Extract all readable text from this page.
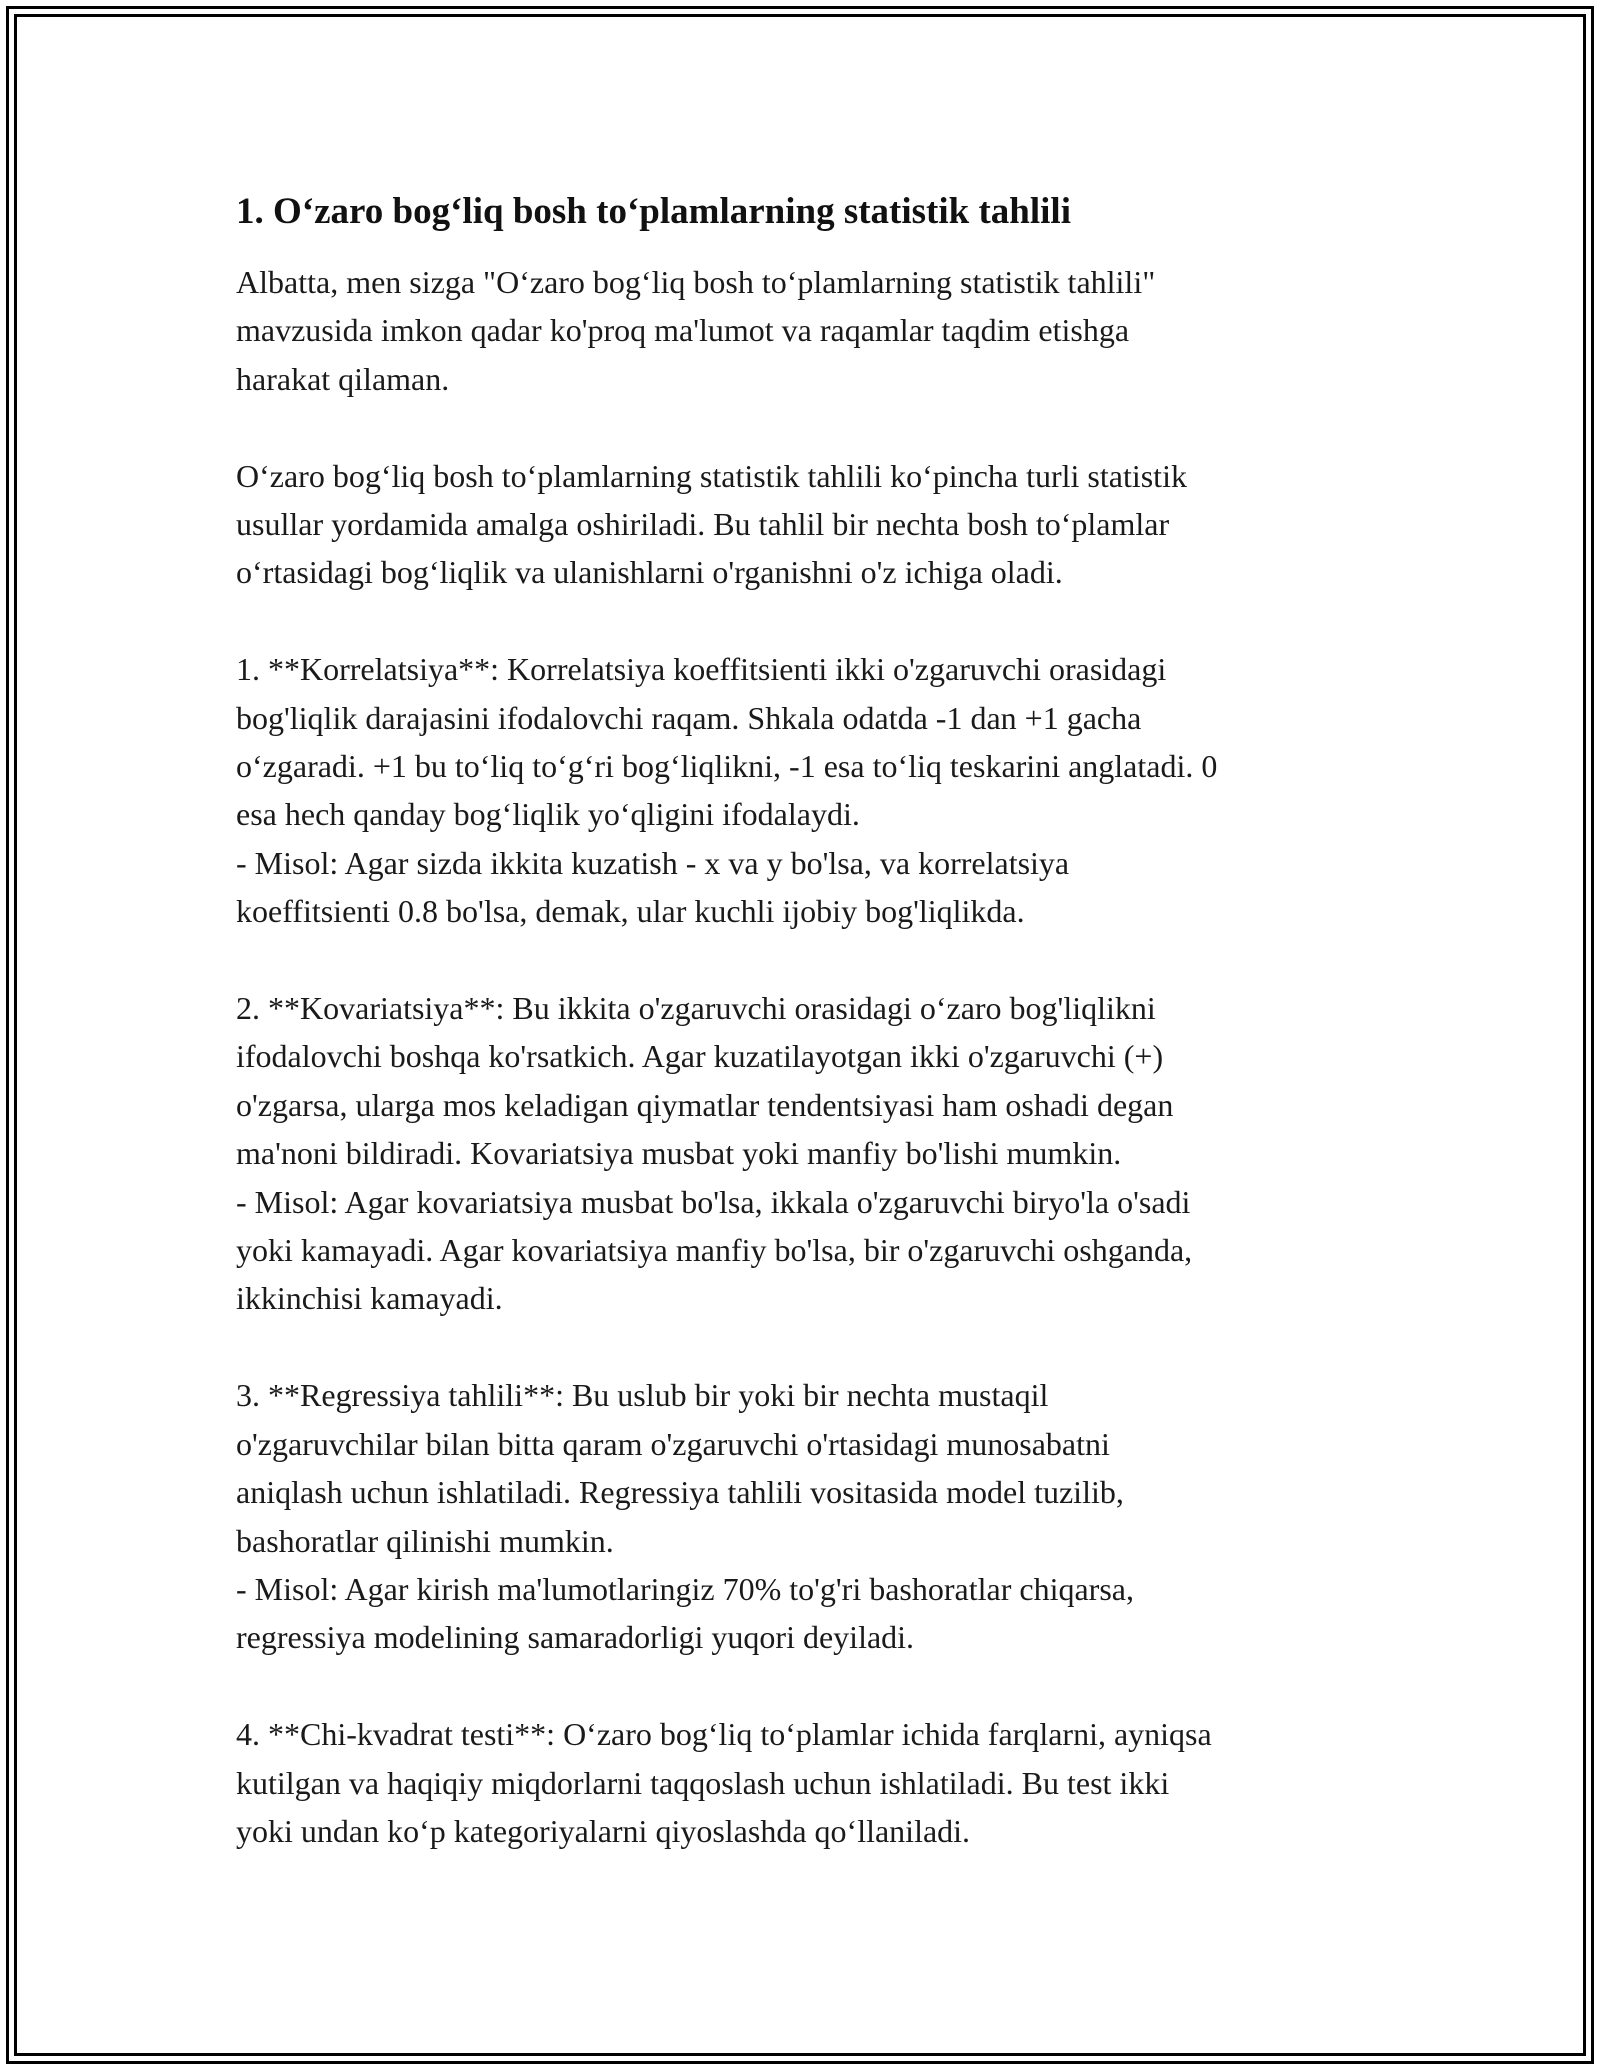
1. O‘zaro bog‘liq bosh to‘plamlarning statistik tahlili

Albatta, men sizga "O‘zaro bog‘liq bosh to‘plamlarning statistik tahlili"
mavzusida imkon qadar ko'proq ma'lumot va raqamlar taqdim etishga
harakat qilaman.

O‘zaro bog‘liq bosh to‘plamlarning statistik tahlili ko‘pincha turli statistik
usullar yordamida amalga oshiriladi. Bu tahlil bir nechta bosh to‘plamlar
o‘rtasidagi bog‘liqlik va ulanishlarni o'rganishni o'z ichiga oladi.

1. **Korrelatsiya**: Korrelatsiya koeffitsienti ikki o'zgaruvchi orasidagi
bog'liqlik darajasini ifodalovchi raqam. Shkala odatda -1 dan +1 gacha
o‘zgaradi. +1 bu to‘liq to‘g‘ri bog‘liqlikni, -1 esa to‘liq teskarini anglatadi. 0
esa hech qanday bog‘liqlik yo‘qligini ifodalaydi.
- Misol: Agar sizda ikkita kuzatish - x va y bo'lsa, va korrelatsiya
koeffitsienti 0.8 bo'lsa, demak, ular kuchli ijobiy bog'liqlikda.

2. **Kovariatsiya**: Bu ikkita o'zgaruvchi orasidagi o‘zaro bog'liqlikni
ifodalovchi boshqa ko'rsatkich. Agar kuzatilayotgan ikki o'zgaruvchi (+)
o'zgarsa, ularga mos keladigan qiymatlar tendentsiyasi ham oshadi degan
ma'noni bildiradi. Kovariatsiya musbat yoki manfiy bo'lishi mumkin.
- Misol: Agar kovariatsiya musbat bo'lsa, ikkala o'zgaruvchi biryo'la o'sadi
yoki kamayadi. Agar kovariatsiya manfiy bo'lsa, bir o'zgaruvchi oshganda,
ikkinchisi kamayadi.

3. **Regressiya tahlili**: Bu uslub bir yoki bir nechta mustaqil
o'zgaruvchilar bilan bitta qaram o'zgaruvchi o'rtasidagi munosabatni
aniqlash uchun ishlatiladi. Regressiya tahlili vositasida model tuzilib,
bashoratlar qilinishi mumkin.
- Misol: Agar kirish ma'lumotlaringiz 70% to'g'ri bashoratlar chiqarsa,
regressiya modelining samaradorligi yuqori deyiladi.

4. **Chi-kvadrat testi**: O‘zaro bog‘liq to‘plamlar ichida farqlarni, ayniqsa
kutilgan va haqiqiy miqdorlarni taqqoslash uchun ishlatiladi. Bu test ikki
yoki undan ko‘p kategoriyalarni qiyoslashda qo‘llaniladi.
